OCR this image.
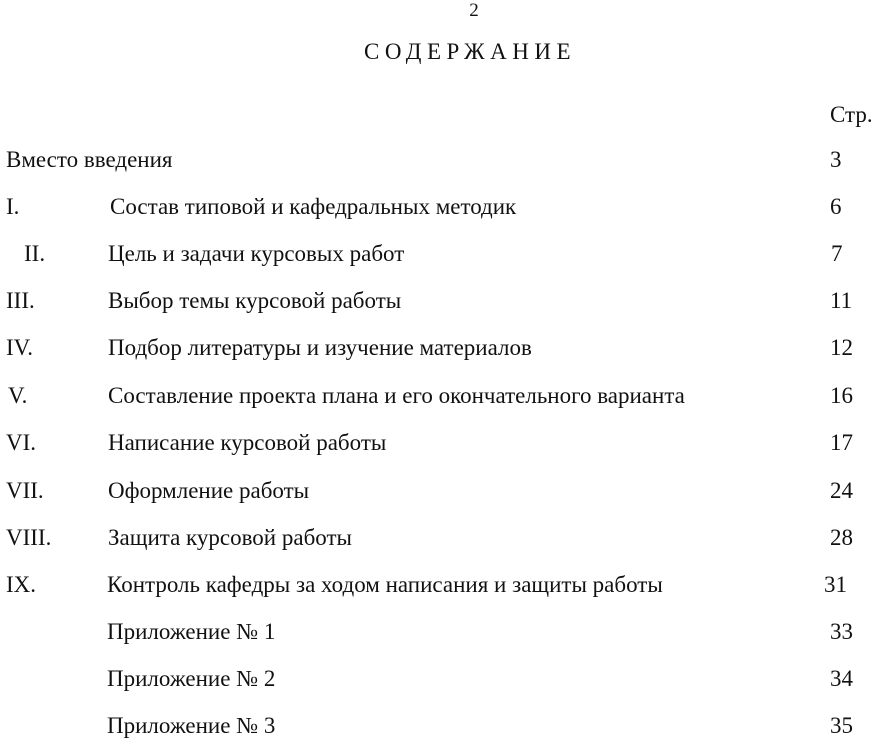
2
СОДЕРЖАНИЕ
Стр.
Вместо введения	3
I.	Состав типовой и кафедральных методик	6
II.	Цель и задачи курсовых работ	7
III.	Выбор темы курсовой работы	11
IV.	Подбор литературы и изучение материалов	12
V.	Составление проекта плана и его окончательного варианта	16
VI.	Написание курсовой работы	17
VII.	Оформление работы	24
VIII. Защита курсовой работы	28
IX.	Контроль кафедры за ходом написания и защиты работы	31
Приложение № 1	33
Приложение № 2	34
Приложение № 3	35
